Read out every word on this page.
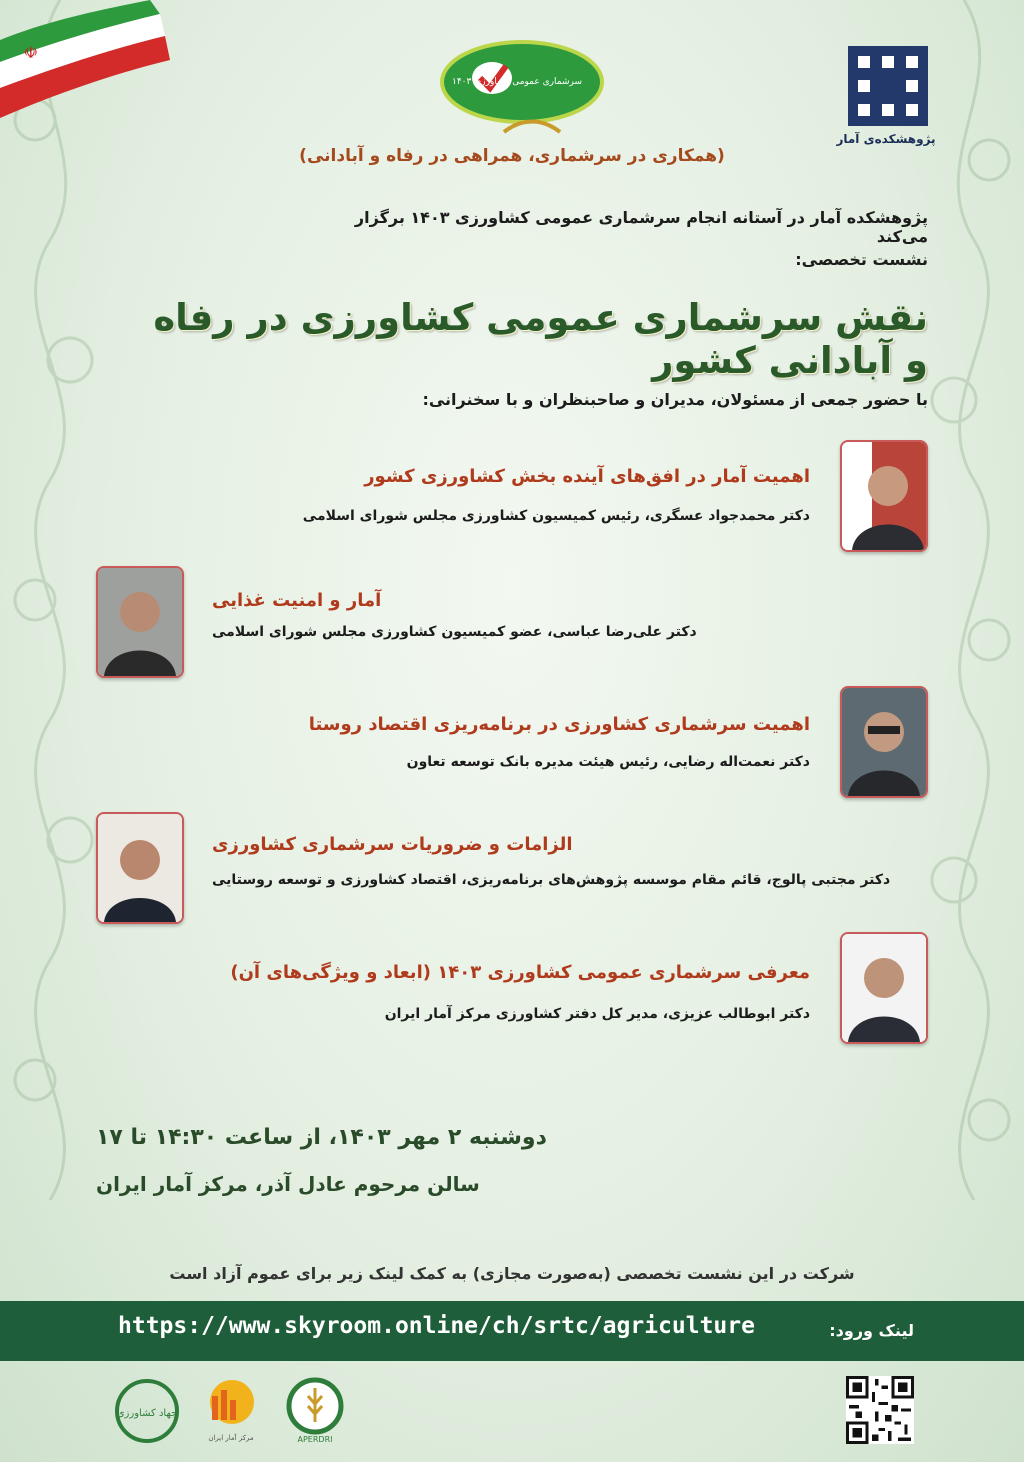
☫
سرشماری عمومی کشاورزی ۱۴۰۳
پژوهشکده‌ی آمار
(همکاری در سرشماری، همراهی در رفاه و آبادانی)
پژوهشکده آمار در آستانه انجام سرشماری عمومی کشاورزی ۱۴۰۳ برگزار می‌کند
نشست تخصصی:
نقش سرشماری عمومی کشاورزی در رفاه و آبادانی کشور
با حضور جمعی از مسئولان، مدیران و صاحبنظران و با سخنرانی:
اهمیت آمار در افق‌های آینده بخش کشاورزی کشور
دکتر محمدجواد عسگری، رئیس کمیسیون کشاورزی مجلس شورای اسلامی
آمار و امنیت غذایی
دکتر علی‌رضا عباسی، عضو کمیسیون کشاورزی مجلس شورای اسلامی
اهمیت سرشماری کشاورزی در برنامه‌ریزی اقتصاد روستا
دکتر نعمت‌اله رضایی، رئیس هیئت مدیره بانک توسعه تعاون
الزامات و ضروریات سرشماری کشاورزی
دکتر مجتبی پالوج، قائم مقام موسسه پژوهش‌های برنامه‌ریزی، اقتصاد کشاورزی و توسعه روستایی
معرفی سرشماری عمومی کشاورزی ۱۴۰۳ (ابعاد و ویژگی‌های آن)
دکتر ابوطالب عزیزی، مدیر کل دفتر کشاورزی مرکز آمار ایران
دوشنبه ۲ مهر ۱۴۰۳، از ساعت ۱۴:۳۰ تا ۱۷
سالن مرحوم عادل آذر، مرکز آمار ایران
شرکت در این نشست تخصصی (به‌صورت مجازی) به کمک لینک زیر برای عموم آزاد است
لینک ورود:
https://www.skyroom.online/ch/srtc/agriculture
جهاد کشاورزی
مرکز آمار ایران	APERDRI
